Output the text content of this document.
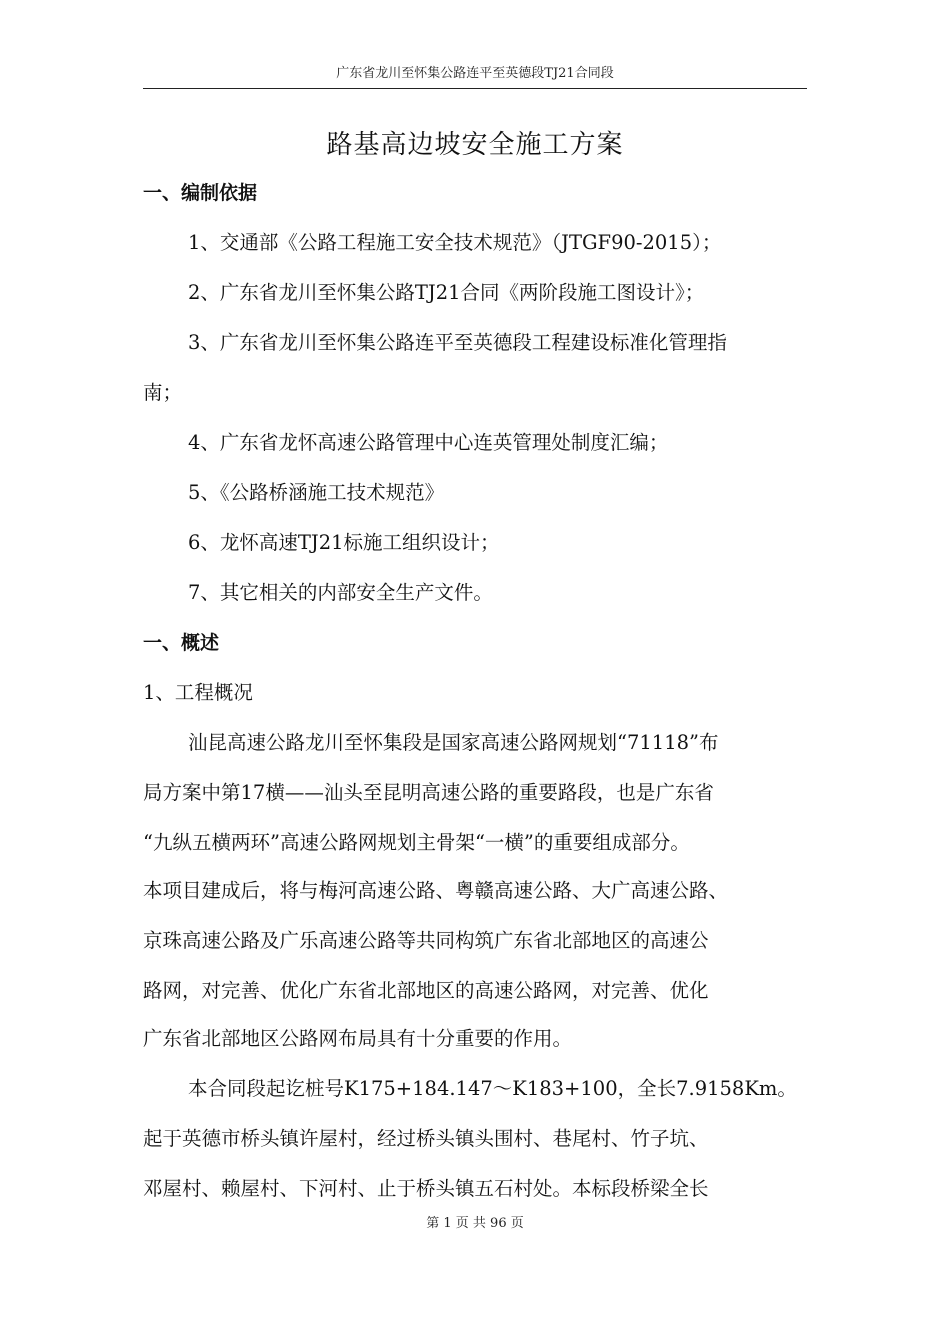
广东省龙川至怀集公路连平至英德段TJ21合同段
路基高边坡安全施工方案
一、编制依据
1、交通部《公路工程施工安全技术规范》（JTGF90-2015）；
2、广东省龙川至怀集公路TJ21合同《两阶段施工图设计》；
3、广东省龙川至怀集公路连平至英德段工程建设标准化管理指
南；
4、广东省龙怀高速公路管理中心连英管理处制度汇编；
5、《公路桥涵施工技术规范》
6、龙怀高速TJ21标施工组织设计；
7、其它相关的内部安全生产文件。
一、概述
1、工程概况
汕昆高速公路龙川至怀集段是国家高速公路网规划“71118”布
局方案中第17横——汕头至昆明高速公路的重要路段，也是广东省
“九纵五横两环”高速公路网规划主骨架“一横”的重要组成部分。
本项目建成后，将与梅河高速公路、粤赣高速公路、大广高速公路、
京珠高速公路及广乐高速公路等共同构筑广东省北部地区的高速公
路网，对完善、优化广东省北部地区的高速公路网，对完善、优化
广东省北部地区公路网布局具有十分重要的作用。
本合同段起讫桩号K175+184.147～K183+100，全长7.9158Km。
起于英德市桥头镇许屋村，经过桥头镇头围村、巷尾村、竹子坑、
邓屋村、赖屋村、下河村、止于桥头镇五石村处。本标段桥梁全长
第 1 页 共 96 页
